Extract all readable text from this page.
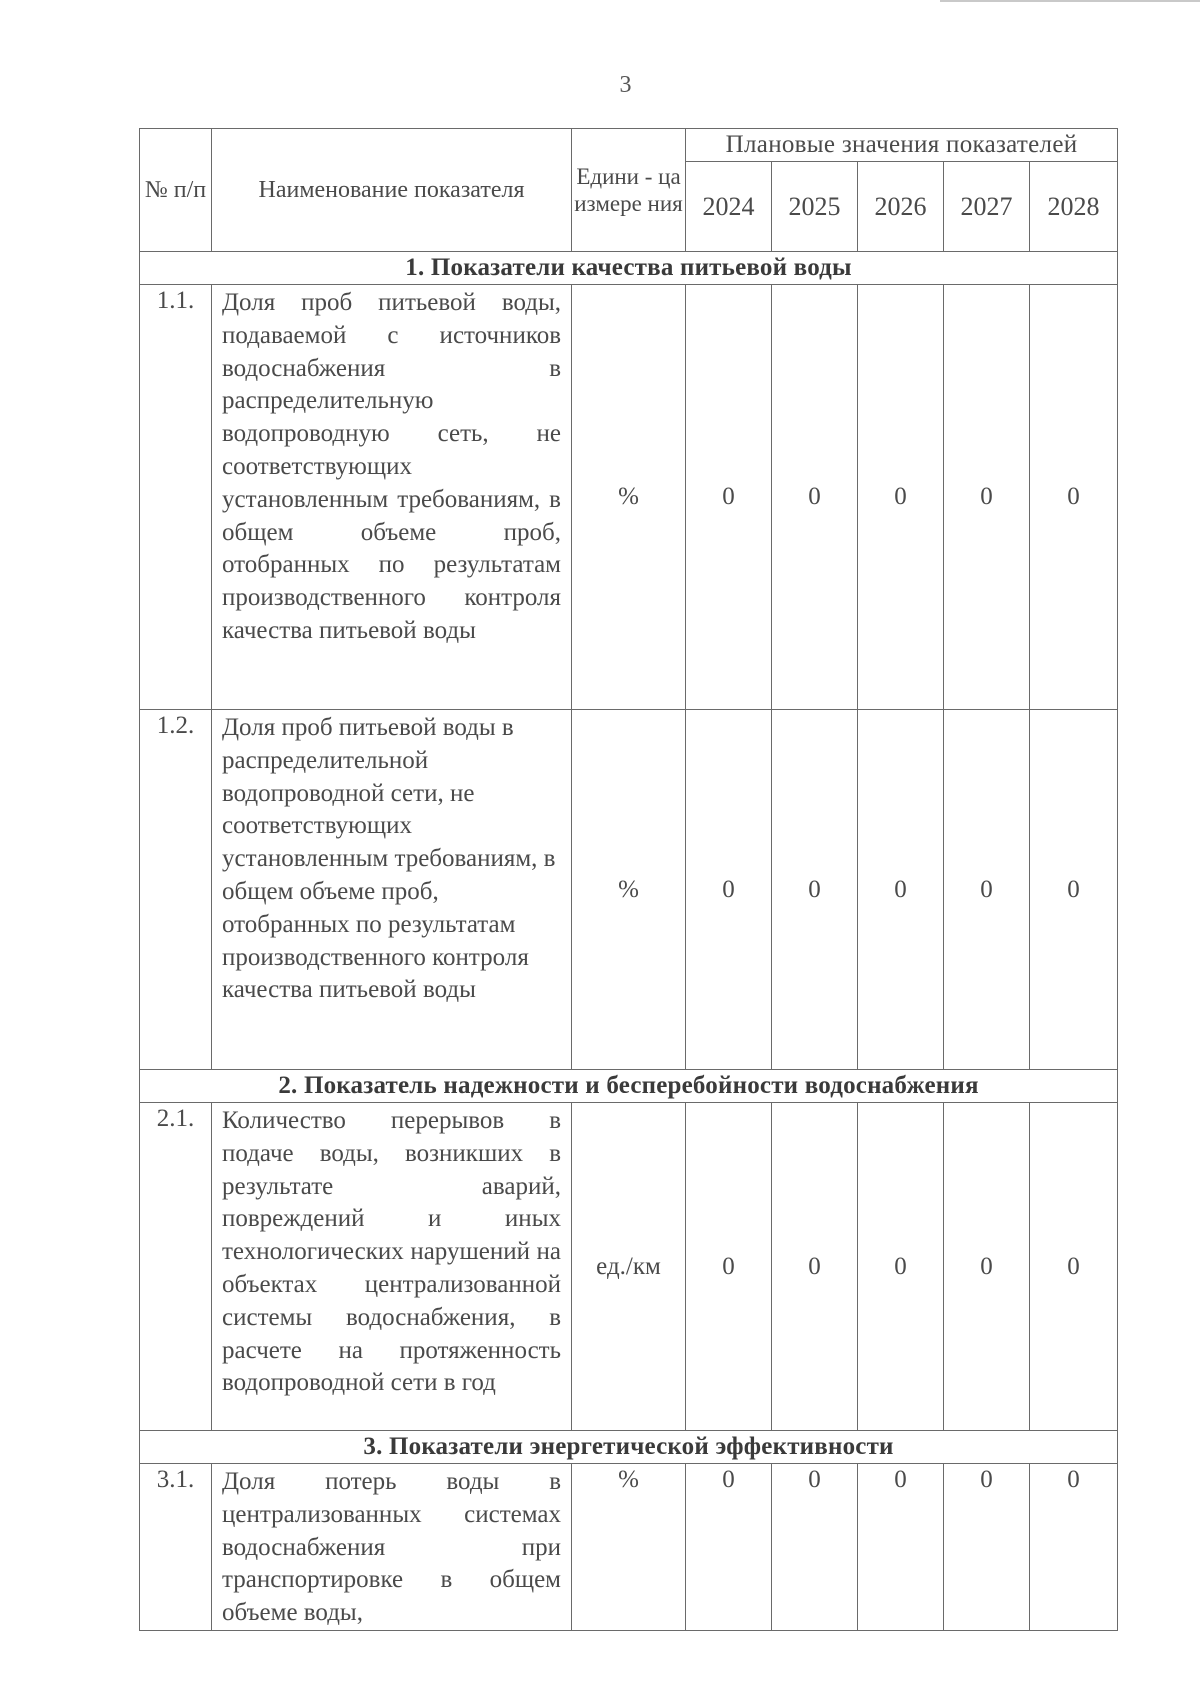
3
№ п/п	Наименование показателя	Едини - ца измере ния	Плановые значения показателей				
			2024	2025	2026	2027	2028
1. Показатели качества питьевой воды							
1.1.	Доля проб питьевой воды, подаваемой с источников водоснабжения в распределительную водопроводную сеть, не соответствующих установленным требованиям, в общем объеме проб, отобранных по результатам производственного контроля качества питьевой воды	%	0	0	0	0	0
1.2.	Доля проб питьевой воды в распределительной водопроводной сети, не соответствующих установленным требованиям, в общем объеме проб, отобранных по результатам производственного контроля качества питьевой воды	%	0	0	0	0	0
2. Показатель надежности и бесперебойности водоснабжения							
2.1.	Количество перерывов в подаче воды, возникших в результате аварий, повреждений и иных технологических нарушений на объектах централизованной системы водоснабжения, в расчете на протяженность водопроводной сети в год	ед./км	0	0	0	0	0
3. Показатели энергетической эффективности							
3.1.	Доля потерь воды в централизованных системах водоснабжения при транспортировке в общем объеме воды,	%	0	0	0	0	0
